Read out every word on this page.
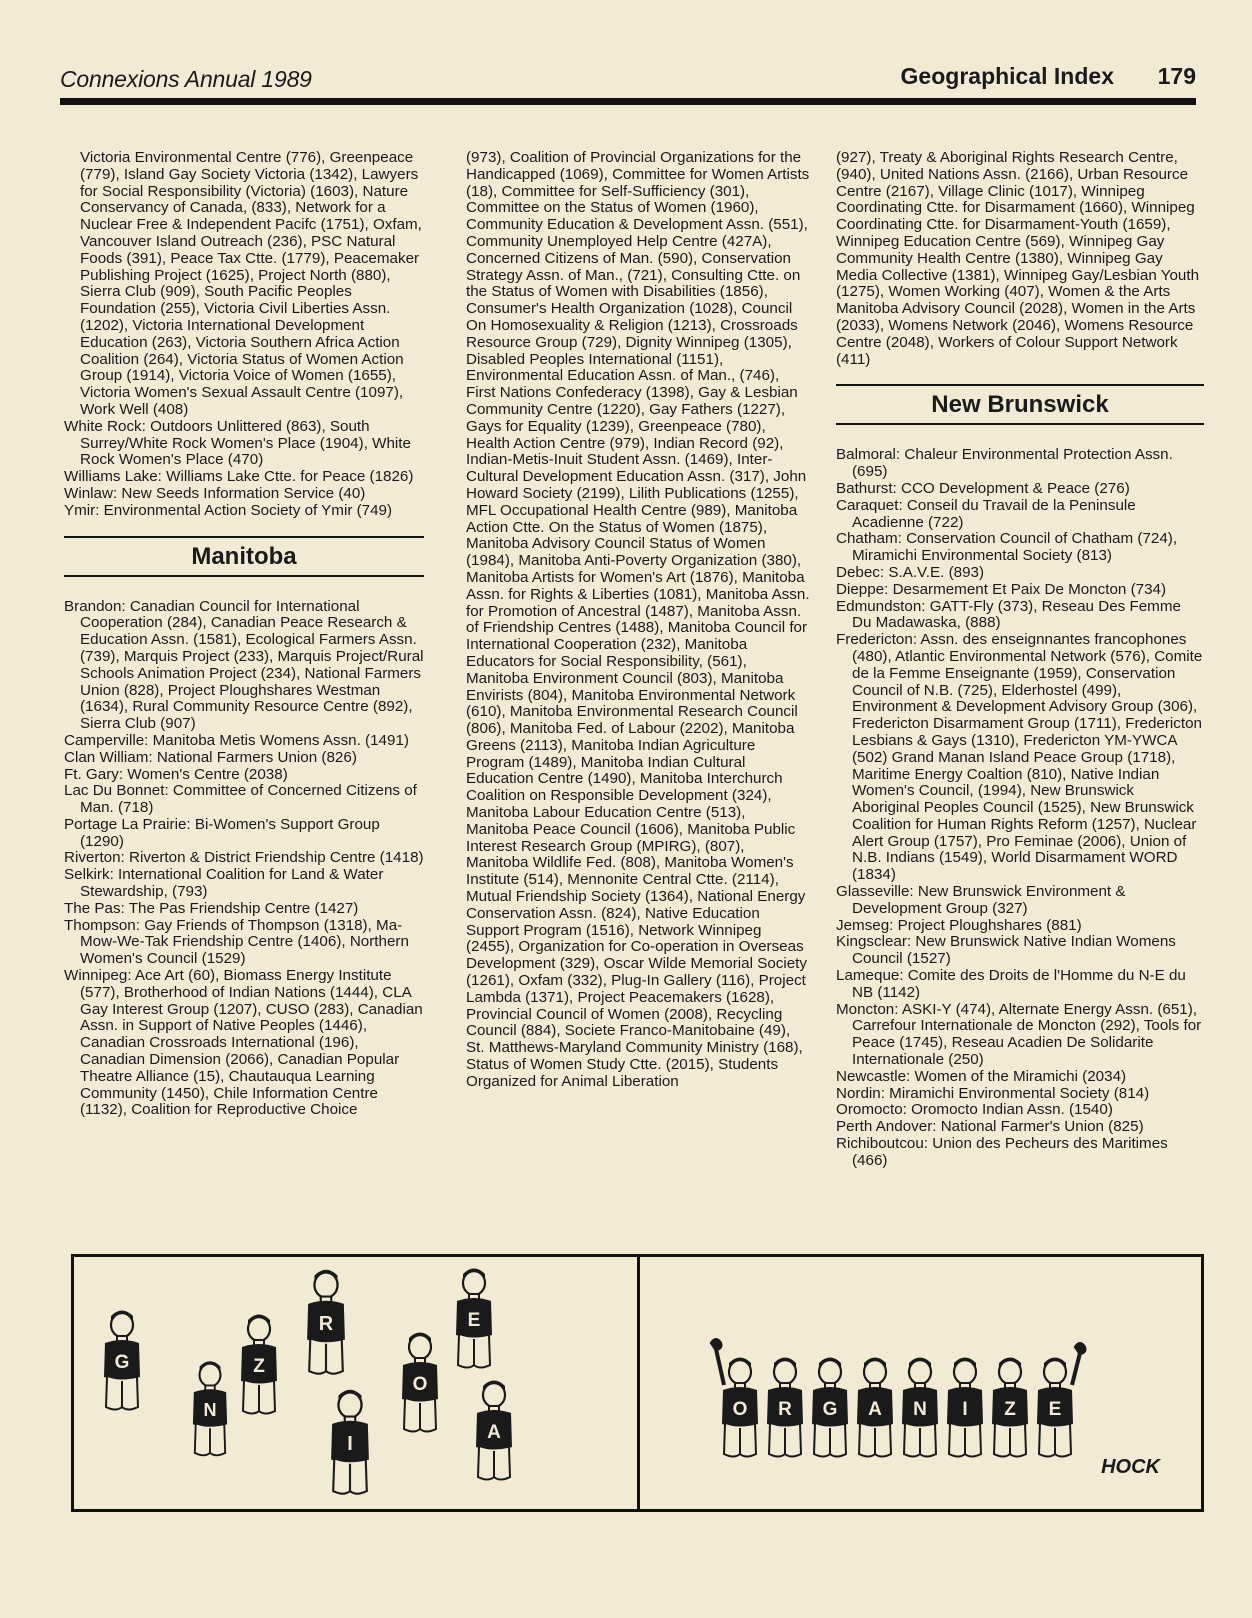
Connexions Annual 1989	Geographical Index 179

Victoria Environmental Centre (776), Greenpeace (779), Island Gay Society Victoria (1342), Lawyers for Social Responsibility (Victoria) (1603), Nature Conservancy of Canada, (833), Network for a Nuclear Free & Independent Pacifc (1751), Oxfam, Vancouver Island Outreach (236), PSC Natural Foods (391), Peace Tax Ctte. (1779), Peacemaker Publishing Project (1625), Project North (880), Sierra Club (909), South Pacific Peoples Foundation (255), Victoria Civil Liberties Assn. (1202), Victoria International Development Education (263), Victoria Southern Africa Action Coalition (264), Victoria Status of Women Action Group (1914), Victoria Voice of Women (1655), Victoria Women's Sexual Assault Centre (1097), Work Well (408)

White Rock: Outdoors Unlittered (863), South Surrey/White Rock Women's Place (1904), White Rock Women's Place (470)

Williams Lake: Williams Lake Ctte. for Peace (1826)

Winlaw: New Seeds Information Service (40)

Ymir: Environmental Action Society of Ymir (749)

Manitoba

Brandon: Canadian Council for International Cooperation (284), Canadian Peace Research & Education Assn. (1581), Ecological Farmers Assn. (739), Marquis Project (233), Marquis Project/Rural Schools Animation Project (234), National Farmers Union (828), Project Ploughshares Westman (1634), Rural Community Resource Centre (892), Sierra Club (907)

Camperville: Manitoba Metis Womens Assn. (1491)

Clan William: National Farmers Union (826)

Ft. Gary: Women's Centre (2038)

Lac Du Bonnet: Committee of Concerned Citizens of Man. (718)

Portage La Prairie: Bi-Women's Support Group (1290)

Riverton: Riverton & District Friendship Centre (1418)

Selkirk: International Coalition for Land & Water Stewardship, (793)

The Pas: The Pas Friendship Centre (1427)

Thompson: Gay Friends of Thompson (1318), Ma-Mow-We-Tak Friendship Centre (1406), Northern Women's Council (1529)

Winnipeg: Ace Art (60), Biomass Energy Institute (577), Brotherhood of Indian Nations (1444), CLA Gay Interest Group (1207), CUSO (283), Canadian Assn. in Support of Native Peoples (1446), Canadian Crossroads International (196), Canadian Dimension (2066), Canadian Popular Theatre Alliance (15), Chautauqua Learning Community (1450), Chile Information Centre (1132), Coalition for Reproductive Choice

(973), Coalition of Provincial Organizations for the Handicapped (1069), Committee for Women Artists (18), Committee for Self-Sufficiency (301), Committee on the Status of Women (1960), Community Education & Development Assn. (551), Community Unemployed Help Centre (427A), Concerned Citizens of Man. (590), Conservation Strategy Assn. of Man., (721), Consulting Ctte. on the Status of Women with Disabilities (1856), Consumer's Health Organization (1028), Council On Homosexuality & Religion (1213), Crossroads Resource Group (729), Dignity Winnipeg (1305), Disabled Peoples International (1151), Environmental Education Assn. of Man., (746), First Nations Confederacy (1398), Gay & Lesbian Community Centre (1220), Gay Fathers (1227), Gays for Equality (1239), Greenpeace (780), Health Action Centre (979), Indian Record (92), Indian-Metis-Inuit Student Assn. (1469), Inter-Cultural Development Education Assn. (317), John Howard Society (2199), Lilith Publications (1255), MFL Occupational Health Centre (989), Manitoba Action Ctte. On the Status of Women (1875), Manitoba Advisory Council Status of Women (1984), Manitoba Anti-Poverty Organization (380), Manitoba Artists for Women's Art (1876), Manitoba Assn. for Rights & Liberties (1081), Manitoba Assn. for Promotion of Ancestral (1487), Manitoba Assn. of Friendship Centres (1488), Manitoba Council for International Cooperation (232), Manitoba Educators for Social Responsibility, (561), Manitoba Environment Council (803), Manitoba Envirists (804), Manitoba Environmental Network (610), Manitoba Environmental Research Council (806), Manitoba Fed. of Labour (2202), Manitoba Greens (2113), Manitoba Indian Agriculture Program (1489), Manitoba Indian Cultural Education Centre (1490), Manitoba Interchurch Coalition on Responsible Development (324), Manitoba Labour Education Centre (513), Manitoba Peace Council (1606), Manitoba Public Interest Research Group (MPIRG), (807), Manitoba Wildlife Fed. (808), Manitoba Women's Institute (514), Mennonite Central Ctte. (2114), Mutual Friendship Society (1364), National Energy Conservation Assn. (824), Native Education Support Program (1516), Network Winnipeg (2455), Organization for Co-operation in Overseas Development (329), Oscar Wilde Memorial Society (1261), Oxfam (332), Plug-In Gallery (116), Project Lambda (1371), Project Peacemakers (1628), Provincial Council of Women (2008), Recycling Council (884), Societe Franco-Manitobaine (49), St. Matthews-Maryland Community Ministry (168), Status of Women Study Ctte. (2015), Students Organized for Animal Liberation

(927), Treaty & Aboriginal Rights Research Centre, (940), United Nations Assn. (2166), Urban Resource Centre (2167), Village Clinic (1017), Winnipeg Coordinating Ctte. for Disarmament (1660), Winnipeg Coordinating Ctte. for Disarmament-Youth (1659), Winnipeg Education Centre (569), Winnipeg Gay Community Health Centre (1380), Winnipeg Gay Media Collective (1381), Winnipeg Gay/Lesbian Youth (1275), Women Working (407), Women & the Arts Manitoba Advisory Council (2028), Women in the Arts (2033), Womens Network (2046), Womens Resource Centre (2048), Workers of Colour Support Network (411)

New Brunswick

Balmoral: Chaleur Environmental Protection Assn. (695)

Bathurst: CCO Development & Peace (276)

Caraquet: Conseil du Travail de la Peninsule Acadienne (722)

Chatham: Conservation Council of Chatham (724), Miramichi Environmental Society (813)

Debec: S.A.V.E. (893)

Dieppe: Desarmement Et Paix De Moncton (734)

Edmundston: GATT-Fly (373), Reseau Des Femme Du Madawaska, (888)

Fredericton: Assn. des enseignnantes francophones (480), Atlantic Environmental Network (576), Comite de la Femme Enseignante (1959), Conservation Council of N.B. (725), Elderhostel (499), Environment & Development Advisory Group (306), Fredericton Disarmament Group (1711), Fredericton Lesbians & Gays (1310), Fredericton YM-YWCA (502) Grand Manan Island Peace Group (1718), Maritime Energy Coaltion (810), Native Indian Women's Council, (1994), New Brunswick Aboriginal Peoples Council (1525), New Brunswick Coalition for Human Rights Reform (1257), Nuclear Alert Group (1757), Pro Feminae (2006), Union of N.B. Indians (1549), World Disarmament WORD (1834)

Glasseville: New Brunswick Environment & Development Group (327)

Jemseg: Project Ploughshares (881)

Kingsclear: New Brunswick Native Indian Womens Council (1527)

Lameque: Comite des Droits de l'Homme du N-E du NB (1142)

Moncton: ASKI-Y (474), Alternate Energy Assn. (651), Carrefour Internationale de Moncton (292), Tools for Peace (1745), Reseau Acadien De Solidarite Internationale (250)

Newcastle: Women of the Miramichi (2034)

Nordin: Miramichi Environmental Society (814)

Oromocto: Oromocto Indian Assn. (1540)

Perth Andover: National Farmer's Union (825)

Richiboutcou: Union des Pecheurs des Maritimes (466)

G
N
Z
R
I
O
E
A
O R G A N I Z E
HOCK
